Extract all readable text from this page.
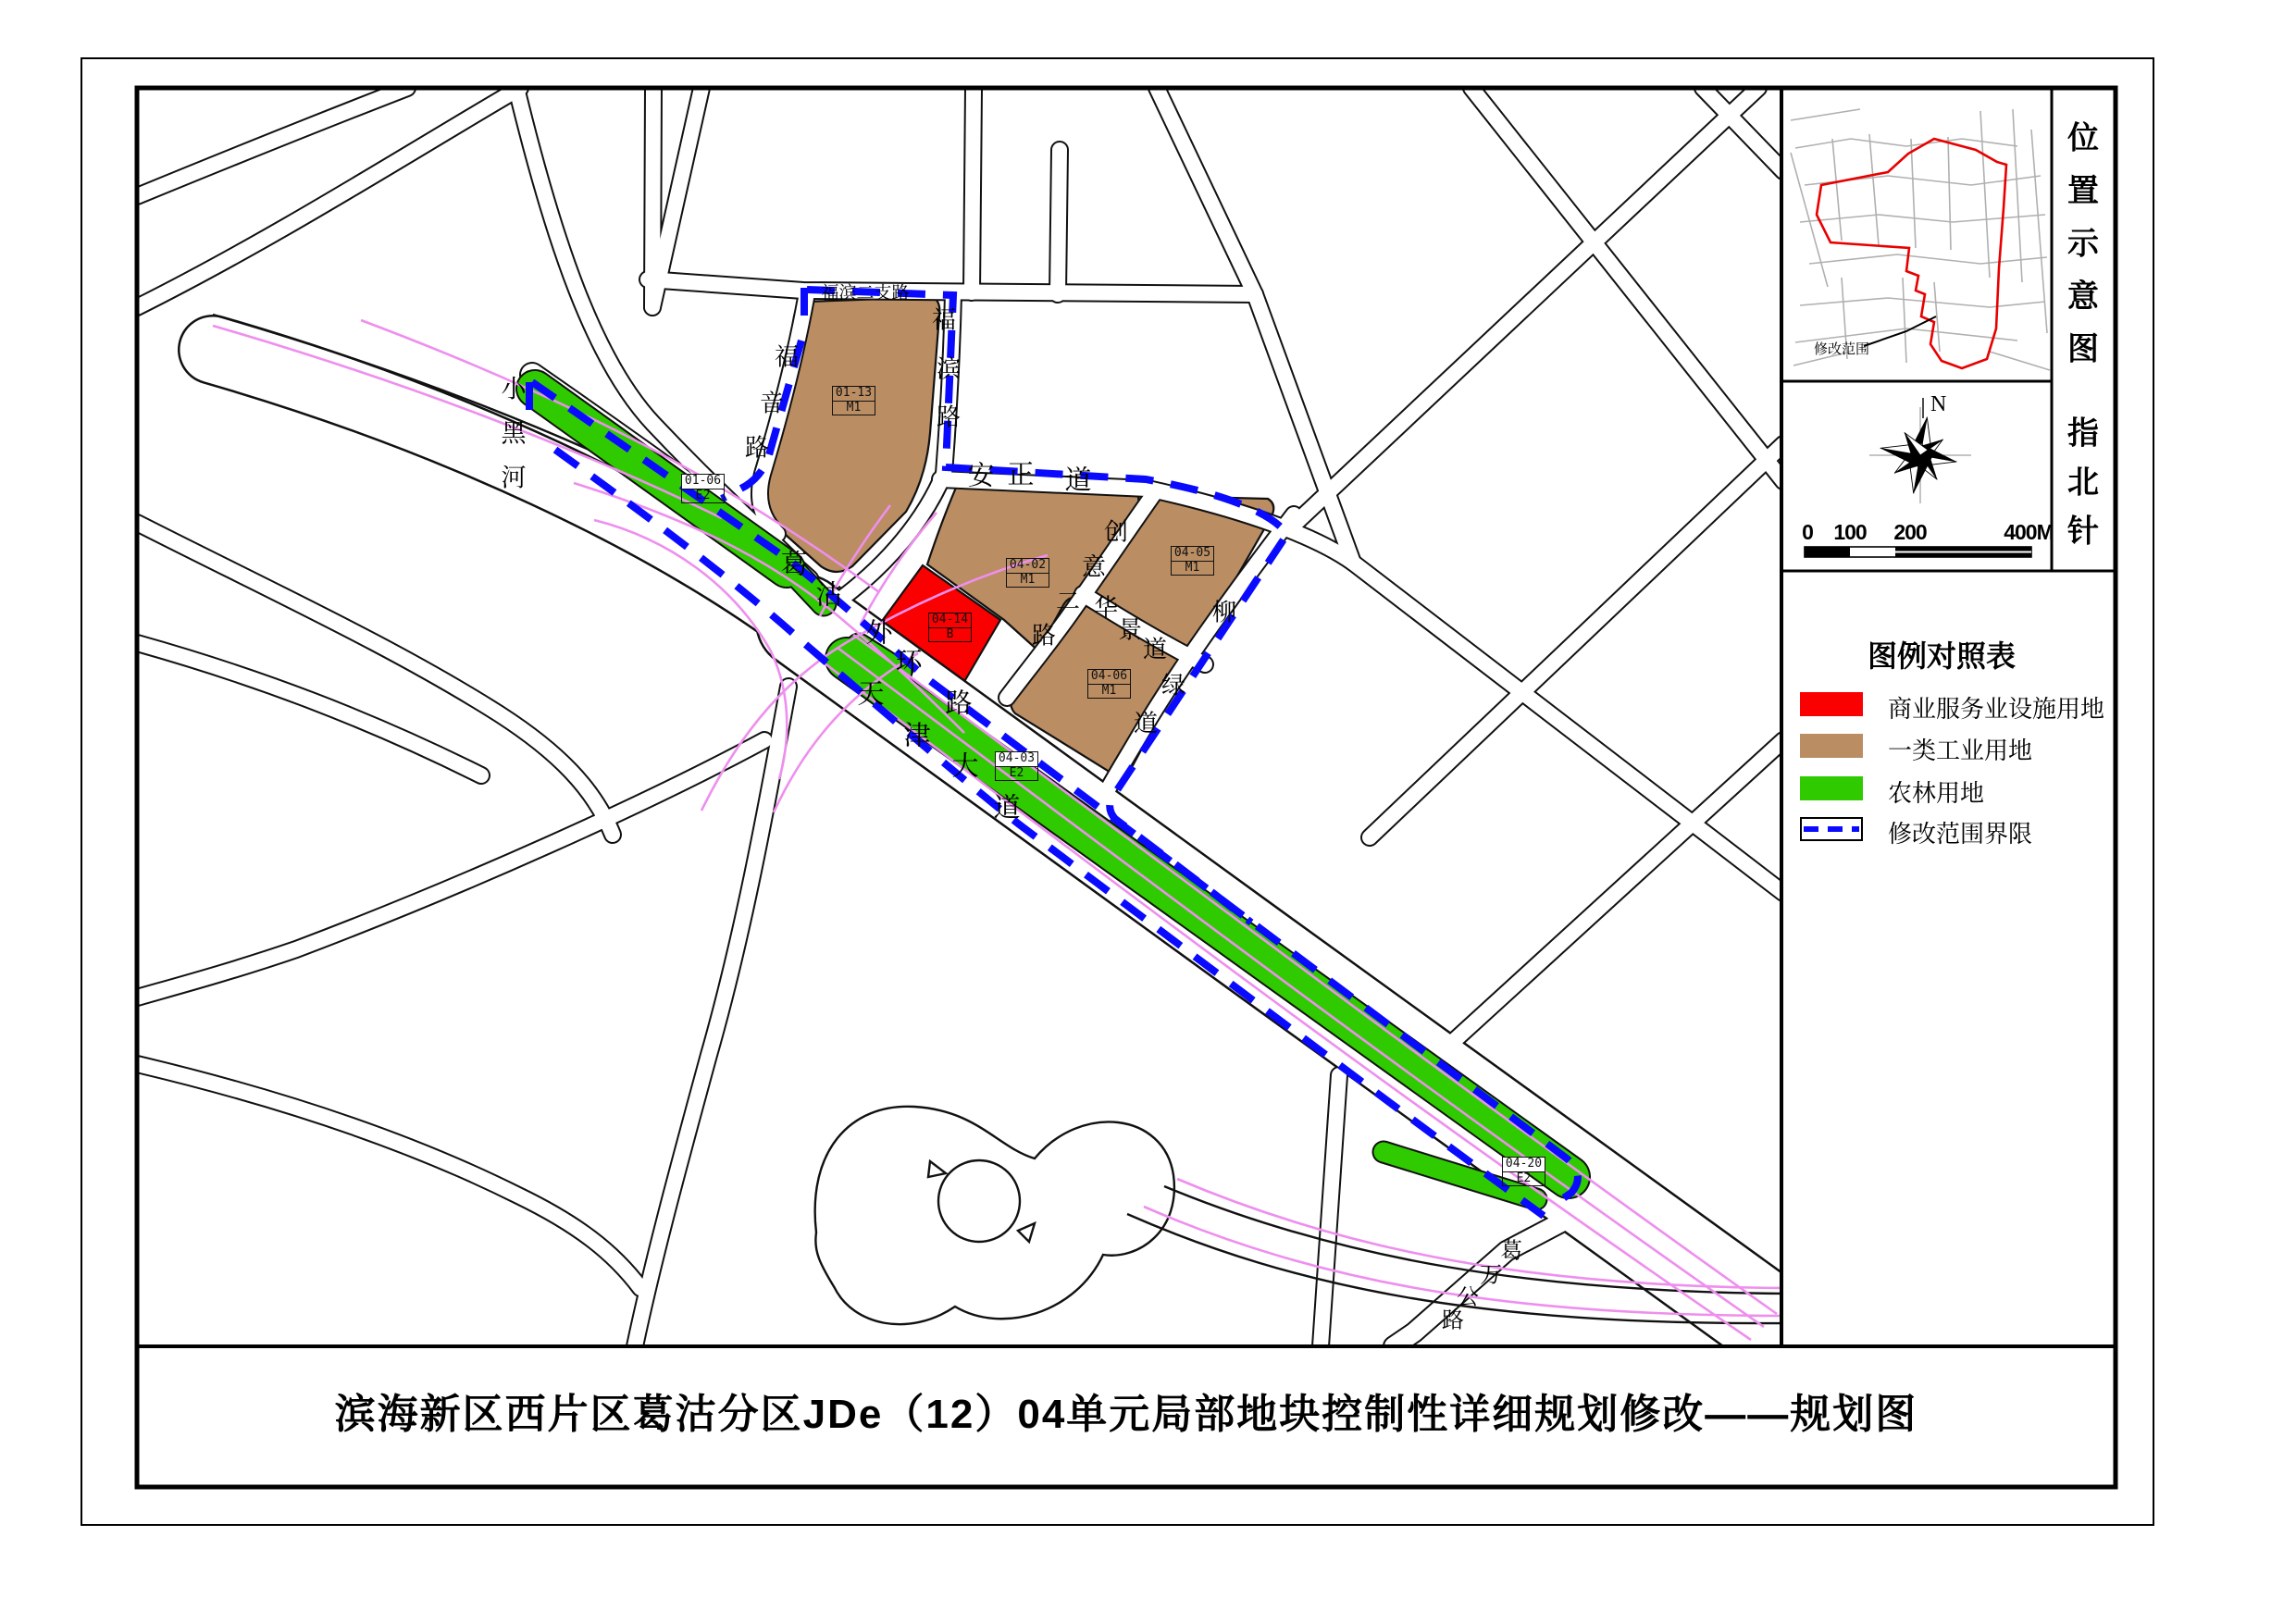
滨海新区西片区葛沽分区JDe（12）04单元局部地块控制性详细规划修改——规划图
修改范围
N
图例对照表
位
置
示
意
图
指
北
针
0 100 200	400M
商业服务业设施用地
一类工业用地
农林用地
修改范围界限
01-13
M1
04-02
M1
04-14
B
04-05
M1
04-06
M1
04-03
E2
01-06
E2
04-20
E2
小
黑
河
葛
沽
外
环
路
天
津
大
道
福
音
路
福
滨
路
福 滨 二 支 路
安 正 道
创
意
二
路
华
景
道
柳
绿
道
葛
万
公
路
